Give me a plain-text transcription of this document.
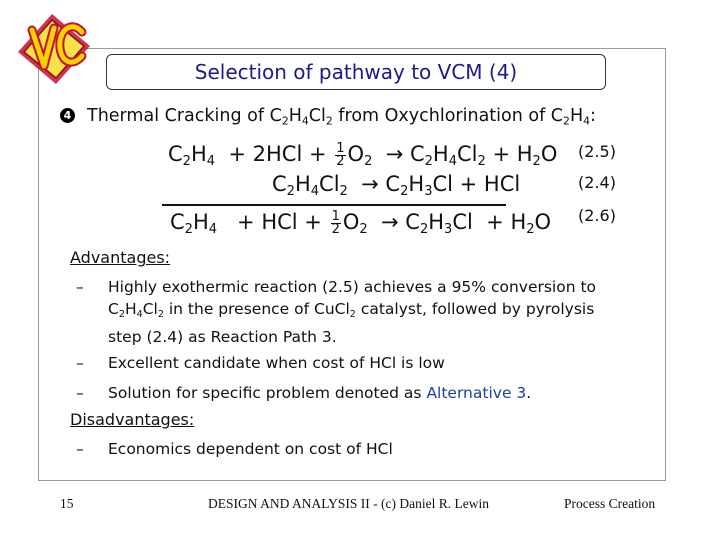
Selection of pathway to VCM (4)
4 Thermal Cracking of $C_2H_4Cl_2$ from Oxychlorination of $C_2H_4$:
$C_2H_4 + 2HCl + \frac{1}{2}O_2 \to C_2H_4Cl_2 + H_2O$ (2.5)
$C_2H_4Cl_2 \to C_2H_3Cl$ + HCl	(2.4)
$C_2H_4$   + HCl + $\frac{1}{2}O_2 \to C_2H_3Cl + H_2O$ (2.6)
Advantages:
– Highly exothermic reaction (2.5) achieves a 95% conversion to
$C_2H_4Cl_2$ in the presence of CuCl$_2$ catalyst, followed by pyrolysis
step (2.4) as Reaction Path 3.
– Excellent candidate when cost of HCl is low
– Solution for specific problem denoted as Alternative 3.
Disadvantages:
– Economics dependent on cost of HCl
15	DESIGN AND ANALYSIS II - (c) Daniel R. Lewin	Process Creation
